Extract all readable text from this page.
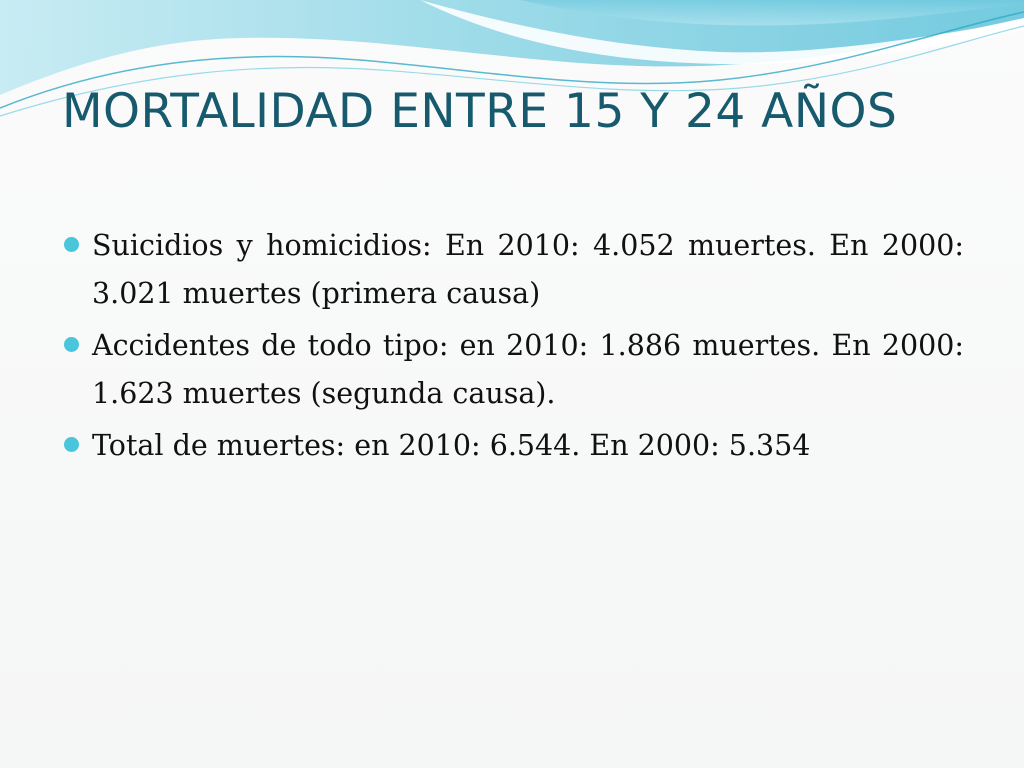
MORTALIDAD ENTRE 15 Y 24 AÑOS
Suicidios y homicidios: En 2010: 4.052 muertes. En 2000: 3.021 muertes (primera causa)
Accidentes de todo tipo: en 2010: 1.886 muertes. En 2000: 1.623 muertes (segunda causa).
Total de muertes: en 2010: 6.544. En 2000: 5.354
